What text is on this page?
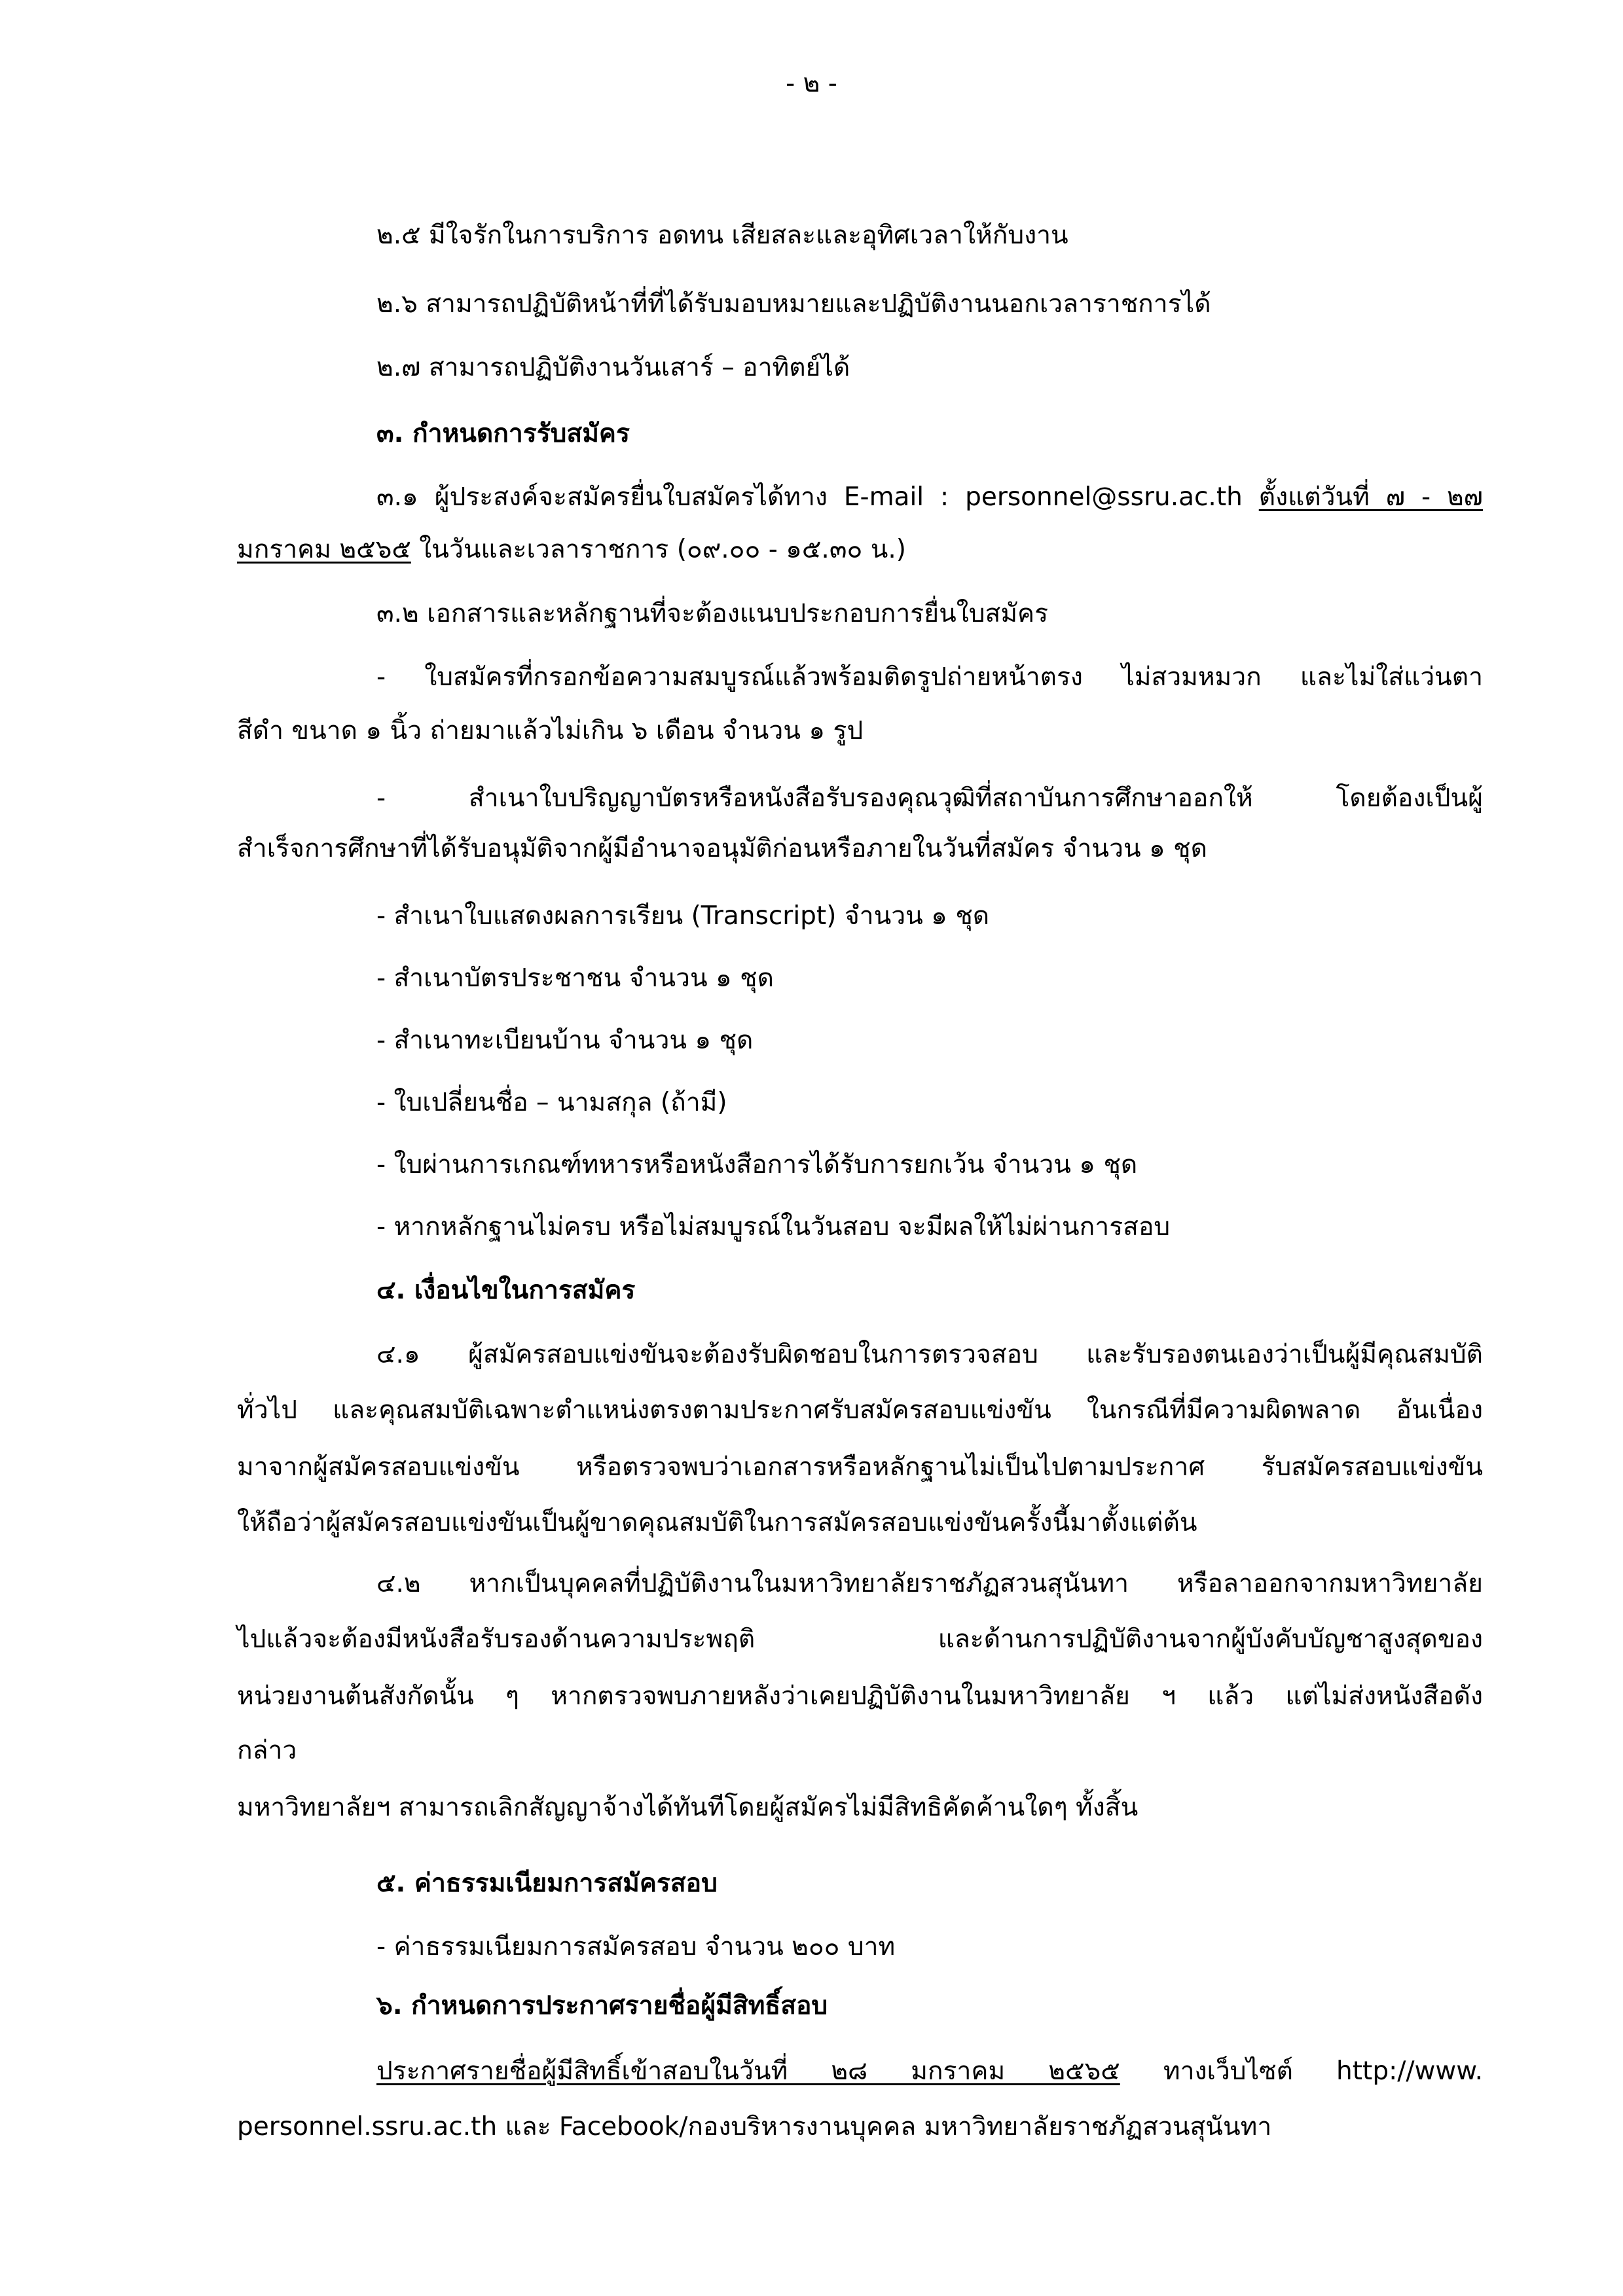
- ๒ -

๒.๕ มีใจรักในการบริการ อดทน เสียสละและอุทิศเวลาให้กับงาน

๒.๖ สามารถปฏิบัติหน้าที่ที่ได้รับมอบหมายและปฏิบัติงานนอกเวลาราชการได้

๒.๗ สามารถปฏิบัติงานวันเสาร์ – อาทิตย์ได้

๓. กำหนดการรับสมัคร

๓.๑ ผู้ประสงค์จะสมัครยื่นใบสมัครได้ทาง E-mail : personnel@ssru.ac.th ตั้งแต่วันที่ ๗ - ๒๗

มกราคม ๒๕๖๕ ในวันและเวลาราชการ (๐๙.๐๐ - ๑๕.๓๐ น.)

๓.๒ เอกสารและหลักฐานที่จะต้องแนบประกอบการยื่นใบสมัคร

- ใบสมัครที่กรอกข้อความสมบูรณ์แล้วพร้อมติดรูปถ่ายหน้าตรง ไม่สวมหมวก และไม่ใส่แว่นตา

สีดำ ขนาด ๑ นิ้ว ถ่ายมาแล้วไม่เกิน ๖ เดือน จำนวน ๑ รูป

- สำเนาใบปริญญาบัตรหรือหนังสือรับรองคุณวุฒิที่สถาบันการศึกษาออกให้ โดยต้องเป็นผู้

สำเร็จการศึกษาที่ได้รับอนุมัติจากผู้มีอำนาจอนุมัติก่อนหรือภายในวันที่สมัคร จำนวน ๑ ชุด

- สำเนาใบแสดงผลการเรียน (Transcript) จำนวน ๑ ชุด

- สำเนาบัตรประชาชน จำนวน ๑ ชุด

- สำเนาทะเบียนบ้าน จำนวน ๑ ชุด

- ใบเปลี่ยนชื่อ – นามสกุล (ถ้ามี)

- ใบผ่านการเกณฑ์ทหารหรือหนังสือการได้รับการยกเว้น จำนวน ๑ ชุด

- หากหลักฐานไม่ครบ หรือไม่สมบูรณ์ในวันสอบ จะมีผลให้ไม่ผ่านการสอบ

๔. เงื่อนไขในการสมัคร

๔.๑ ผู้สมัครสอบแข่งขันจะต้องรับผิดชอบในการตรวจสอบ และรับรองตนเองว่าเป็นผู้มีคุณสมบัติ

ทั่วไป และคุณสมบัติเฉพาะตำแหน่งตรงตามประกาศรับสมัครสอบแข่งขัน ในกรณีที่มีความผิดพลาด อันเนื่อง

มาจากผู้สมัครสอบแข่งขัน หรือตรวจพบว่าเอกสารหรือหลักฐานไม่เป็นไปตามประกาศ รับสมัครสอบแข่งขัน

ให้ถือว่าผู้สมัครสอบแข่งขันเป็นผู้ขาดคุณสมบัติในการสมัครสอบแข่งขันครั้งนี้มาตั้งแต่ต้น

๔.๒ หากเป็นบุคคลที่ปฏิบัติงานในมหาวิทยาลัยราชภัฏสวนสุนันทา หรือลาออกจากมหาวิทยาลัย

ไปแล้วจะต้องมีหนังสือรับรองด้านความประพฤติ และด้านการปฏิบัติงานจากผู้บังคับบัญชาสูงสุดของ

หน่วยงานต้นสังกัดนั้น ๆ หากตรวจพบภายหลังว่าเคยปฏิบัติงานในมหาวิทยาลัย ฯ แล้ว แต่ไม่ส่งหนังสือดัง

กล่าว

มหาวิทยาลัยฯ สามารถเลิกสัญญาจ้างได้ทันทีโดยผู้สมัครไม่มีสิทธิคัดค้านใดๆ ทั้งสิ้น

๕. ค่าธรรมเนียมการสมัครสอบ

- ค่าธรรมเนียมการสมัครสอบ จำนวน ๒๐๐ บาท

๖. กำหนดการประกาศรายชื่อผู้มีสิทธิ์สอบ

ประกาศรายชื่อผู้มีสิทธิ์เข้าสอบในวันที่ ๒๘ มกราคม ๒๕๖๕ ทางเว็บไซต์ http://www.

personnel.ssru.ac.th และ Facebook/กองบริหารงานบุคคล มหาวิทยาลัยราชภัฏสวนสุนันทา
